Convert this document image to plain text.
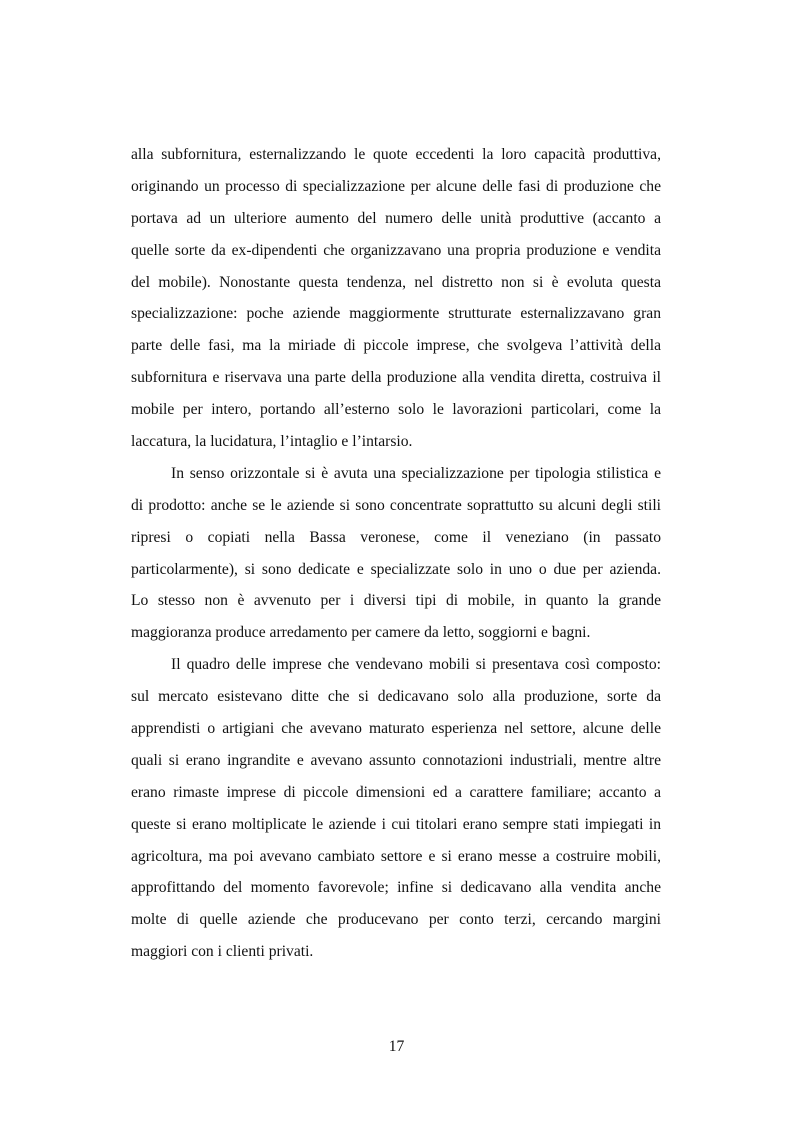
alla subfornitura, esternalizzando le quote eccedenti la loro capacità produttiva,
originando un processo di specializzazione per alcune delle fasi di produzione che
portava ad un ulteriore aumento del numero delle unità produttive (accanto a
quelle sorte da ex-dipendenti che organizzavano una propria produzione e vendita
del mobile). Nonostante questa tendenza, nel distretto non si è evoluta questa
specializzazione: poche aziende maggiormente strutturate esternalizzavano gran
parte delle fasi, ma la miriade di piccole imprese, che svolgeva l’attività della
subfornitura e riservava una parte della produzione alla vendita diretta, costruiva il
mobile per intero, portando all’esterno solo le lavorazioni particolari, come la
laccatura, la lucidatura, l’intaglio e l’intarsio.
In senso orizzontale si è avuta una specializzazione per tipologia stilistica e
di prodotto: anche se le aziende si sono concentrate soprattutto su alcuni degli stili
ripresi o copiati nella Bassa veronese, come il veneziano (in passato
particolarmente), si sono dedicate e specializzate solo in uno o due per azienda.
Lo stesso non è avvenuto per i diversi tipi di mobile, in quanto la grande
maggioranza produce arredamento per camere da letto, soggiorni e bagni.
Il quadro delle imprese che vendevano mobili si presentava così composto:
sul mercato esistevano ditte che si dedicavano solo alla produzione, sorte da
apprendisti o artigiani che avevano maturato esperienza nel settore, alcune delle
quali si erano ingrandite e avevano assunto connotazioni industriali, mentre altre
erano rimaste imprese di piccole dimensioni ed a carattere familiare; accanto a
queste si erano moltiplicate le aziende i cui titolari erano sempre stati impiegati in
agricoltura, ma poi avevano cambiato settore e si erano messe a costruire mobili,
approfittando del momento favorevole; infine si dedicavano alla vendita anche
molte di quelle aziende che producevano per conto terzi, cercando margini
maggiori con i clienti privati.
17
